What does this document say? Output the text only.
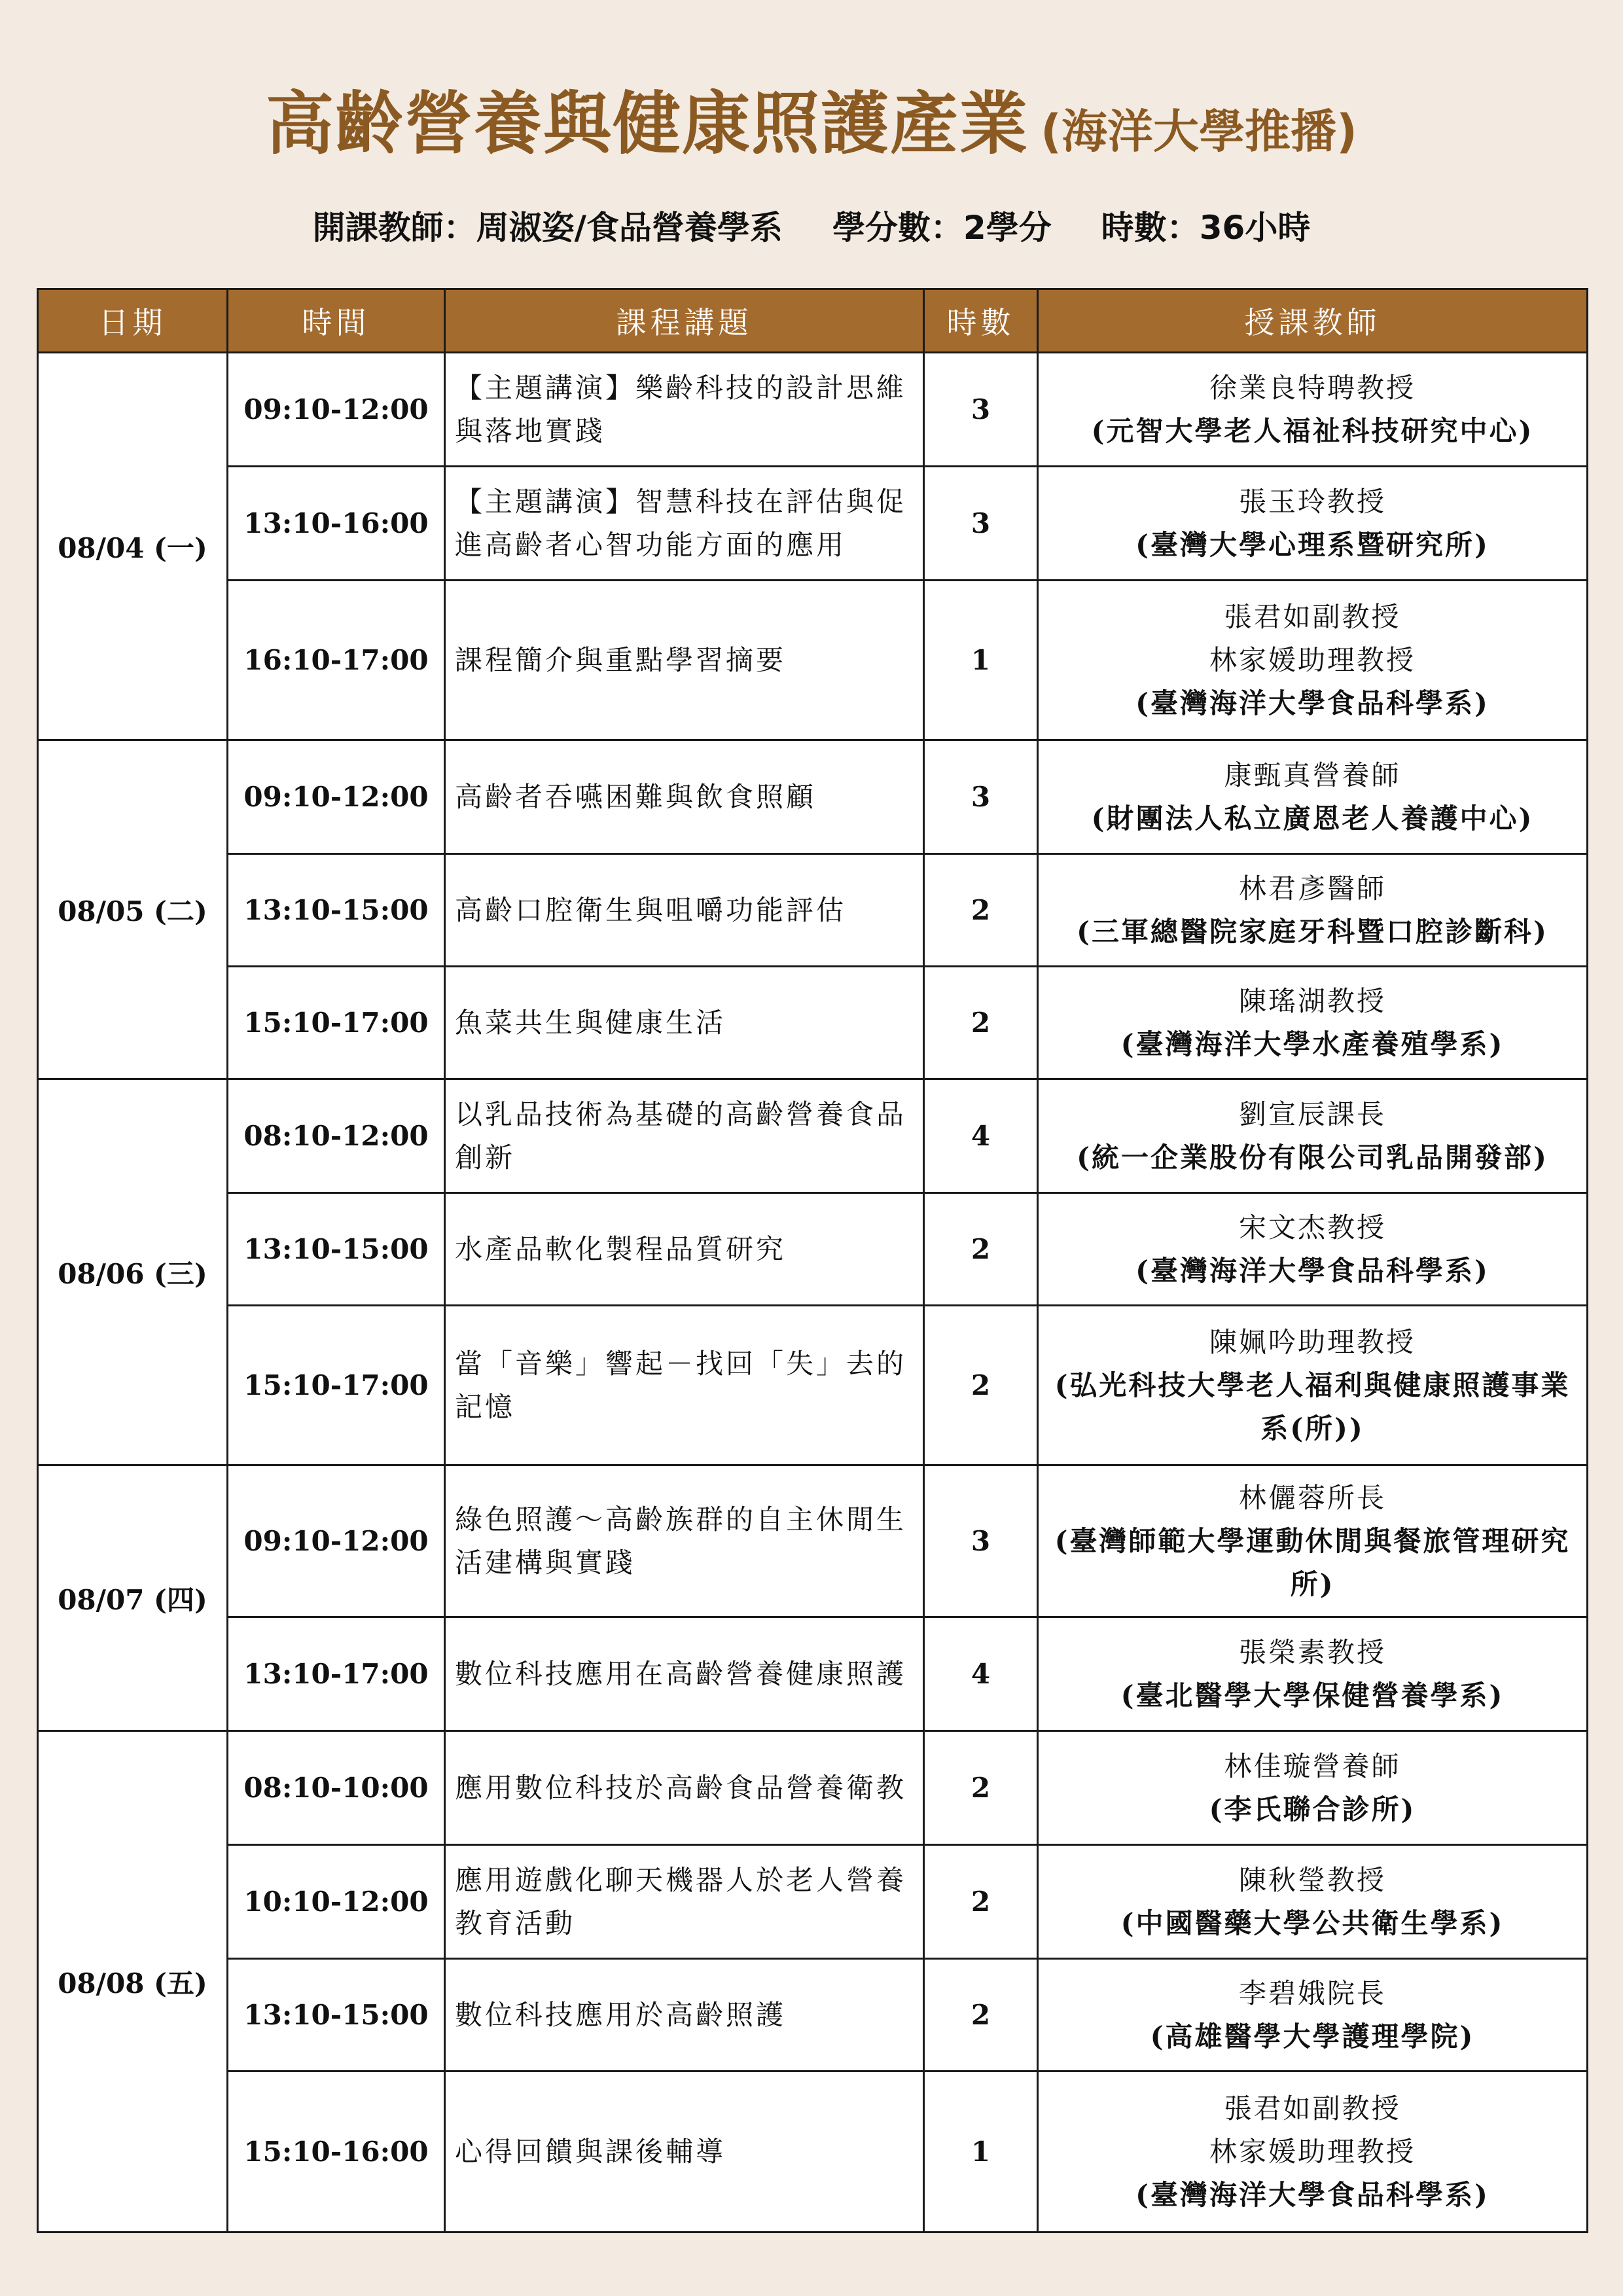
高齡營養與健康照護產業 (海洋大學推播)
開課教師：周淑姿/食品營養學系 學分數：2學分 時數：36小時
日期	時間	課程講題	時數	授課教師
08/04 (一)	09:10-12:00	【主題講演】樂齡科技的設計思維與落地實踐	3	徐業良特聘教授
(元智大學老人福祉科技研究中心)

	13:10-16:00	【主題講演】智慧科技在評估與促進高齡者心智功能方面的應用	3	張玉玲教授
(臺灣大學心理系暨研究所)

	16:10-17:00	課程簡介與重點學習摘要	1	張君如副教授
林家媛助理教授
(臺灣海洋大學食品科學系)

08/05 (二)	09:10-12:00	高齡者吞嚥困難與飲食照顧	3	康甄真營養師
(財團法人私立廣恩老人養護中心)

	13:10-15:00	高齡口腔衛生與咀嚼功能評估	2	林君彥醫師
(三軍總醫院家庭牙科暨口腔診斷科)

	15:10-17:00	魚菜共生與健康生活	2	陳瑤湖教授
(臺灣海洋大學水產養殖學系)

08/06 (三)	08:10-12:00	以乳品技術為基礎的高齡營養食品創新	4	劉宣辰課長
(統一企業股份有限公司乳品開發部)

	13:10-15:00	水產品軟化製程品質研究	2	宋文杰教授
(臺灣海洋大學食品科學系)

	15:10-17:00	當「音樂」響起－找回「失」去的記憶	2	陳姵吟助理教授
(弘光科技大學老人福利與健康照護事業系(所))

08/07 (四)	09:10-12:00	綠色照護～高齡族群的自主休閒生活建構與實踐	3	林儷蓉所長
(臺灣師範大學運動休閒與餐旅管理研究所)

	13:10-17:00	數位科技應用在高齡營養健康照護	4	張榮素教授
(臺北醫學大學保健營養學系)

08/08 (五)	08:10-10:00	應用數位科技於高齡食品營養衛教	2	林佳璇營養師
(李氏聯合診所)

	10:10-12:00	應用遊戲化聊天機器人於老人營養教育活動	2	陳秋瑩教授
(中國醫藥大學公共衛生學系)

	13:10-15:00	數位科技應用於高齡照護	2	李碧娥院長
(高雄醫學大學護理學院)

	15:10-16:00	心得回饋與課後輔導	1	張君如副教授
林家媛助理教授
(臺灣海洋大學食品科學系)
